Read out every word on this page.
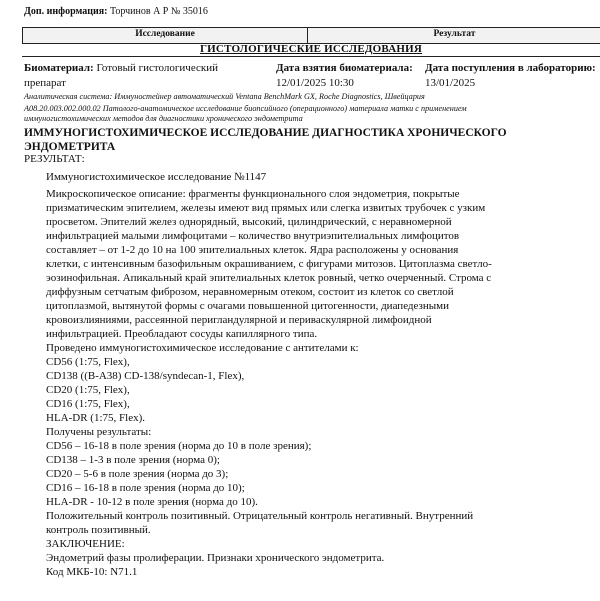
Доп. информация: Торчинов А Р № 35016
Исследование	Результат
ГИСТОЛОГИЧЕСКИЕ ИССЛЕДОВАНИЯ
Биоматериал: Готовый гистологический
препарат
Дата взятия биоматериала:
12/01/2025 10:30
Дата поступления в лабораторию:
13/01/2025
Аналитическая система: Иммуностейнер автоматический Ventana BenchMark GX, Roche Diagnostics, Швейцария
A08.20.003.002.000.02 Патолого-анатомическое исследование биопсийного (операционного) материала матки с применением
иммуногистохимических методов для диагностики хронического эндометрита
ИММУНОГИСТОХИМИЧЕСКОЕ ИССЛЕДОВАНИЕ ДИАГНОСТИКА ХРОНИЧЕСКОГО ЭНДОМЕТРИТА
РЕЗУЛЬТАТ:
Иммуногистохимическое исследование №1147
Микроскопическое описание: фрагменты функционального слоя эндометрия, покрытые
призматическим эпителием, железы имеют вид прямых или слегка извитых трубочек с узким
просветом. Эпителий желез однорядный, высокий, цилиндрический, с неравномерной
инфильтрацией малыми лимфоцитами – количество внутриэпителиальных лимфоцитов
составляет – от 1-2 до 10 на 100 эпителиальных клеток. Ядра расположены у основания
клетки, с интенсивным базофильным окрашиванием, с фигурами митозов. Цитоплазма светло-
эозинофильная. Апикальный край эпителиальных клеток ровный, четко очерченный. Строма с
диффузным сетчатым фиброзом, неравномерным отеком, состоит из клеток со светлой
цитоплазмой, вытянутой формы с очагами повышенной цитогенности, диапедезными
кровоизлияниями, рассеянной перигландулярной и периваскулярной лимфоидной
инфильтрацией. Преобладают сосуды капиллярного типа.
Проведено иммуногистохимическое исследование с антителами к:
CD56 (1:75, Flex),
CD138 ((B-A38) CD-138/syndecan-1, Flex),
CD20 (1:75, Flex),
CD16 (1:75, Flex),
HLA-DR (1:75, Flex).
Получены результаты:
CD56 – 16-18 в поле зрения (норма до 10 в поле зрения);
CD138 – 1-3 в поле зрения (норма 0);
CD20 – 5-6 в поле зрения (норма до 3);
CD16 – 16-18 в поле зрения (норма до 10);
HLA-DR - 10-12 в поле зрения (норма до 10).
Положительный контроль позитивный. Отрицательный контроль негативный. Внутренний
контроль позитивный.
ЗАКЛЮЧЕНИЕ:
Эндометрий фазы пролиферации. Признаки хронического эндометрита.
Код МКБ-10: N71.1
